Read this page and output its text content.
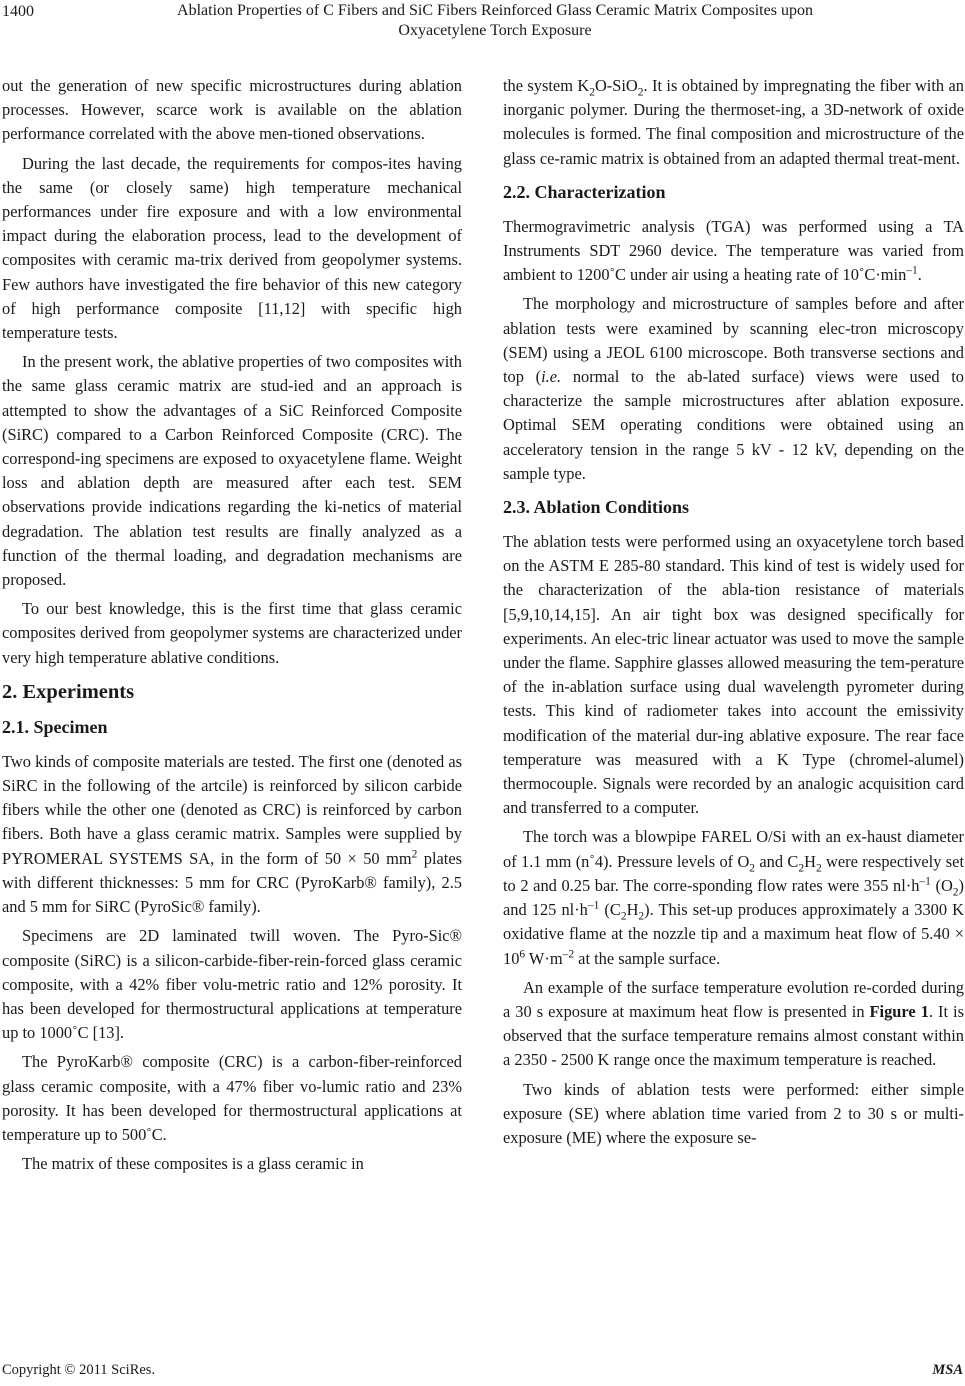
1400	Ablation Properties of C Fibers and SiC Fibers Reinforced Glass Ceramic Matrix Composites upon
Oxyacetylene Torch Exposure

out the generation of new specific microstructures during ablation processes. However, scarce work is available on the ablation performance correlated with the above men-tioned observations.

During the last decade, the requirements for compos-ites having the same (or closely same) high temperature mechanical performances under fire exposure and with a low environmental impact during the elaboration process, lead to the development of composites with ceramic ma-trix derived from geopolymer systems. Few authors have investigated the fire behavior of this new category of high performance composite [11,12] with specific high temperature tests.

In the present work, the ablative properties of two composites with the same glass ceramic matrix are stud-ied and an approach is attempted to show the advantages of a SiC Reinforced Composite (SiRC) compared to a Carbon Reinforced Composite (CRC). The correspond-ing specimens are exposed to oxyacetylene flame. Weight loss and ablation depth are measured after each test. SEM observations provide indications regarding the ki-netics of material degradation. The ablation test results are finally analyzed as a function of the thermal loading, and degradation mechanisms are proposed.

To our best knowledge, this is the first time that glass ceramic composites derived from geopolymer systems are characterized under very high temperature ablative conditions.

2. Experiments
2.1. Specimen

Two kinds of composite materials are tested. The first one (denoted as SiRC in the following of the artcile) is reinforced by silicon carbide fibers while the other one (denoted as CRC) is reinforced by carbon fibers. Both have a glass ceramic matrix. Samples were supplied by PYROMERAL SYSTEMS SA, in the form of 50 × 50 $mm^2$ plates with different thicknesses: 5 mm for CRC (PyroKarb® family), 2.5 and 5 mm for SiRC (PyroSic® family).

Specimens are 2D laminated twill woven. The Pyro-Sic® composite (SiRC) is a silicon-carbide-fiber-rein-forced glass ceramic composite, with a 42% fiber volu-metric ratio and 12% porosity. It has been developed for thermostructural applications at temperature up to 1000˚C [13].

The PyroKarb® composite (CRC) is a carbon-fiber-reinforced glass ceramic composite, with a 47% fiber vo-lumic ratio and 23% porosity. It has been developed for thermostructural applications at temperature up to 500˚C.

The matrix of these composites is a glass ceramic in

the system $K_2O-SiO_2$. It is obtained by impregnating the fiber with an inorganic polymer. During the thermoset-ing, a 3D-network of oxide molecules is formed. The final composition and microstructure of the glass ce-ramic matrix is obtained from an adapted thermal treat-ment.

2.2. Characterization

Thermogravimetric analysis (TGA) was performed using a TA Instruments SDT 2960 device. The temperature was varied from ambient to 1200˚C under air using a heating rate of $10˚C\cdot\min^{-1}$.

The morphology and microstructure of samples before and after ablation tests were examined by scanning elec-tron microscopy (SEM) using a JEOL 6100 microscope. Both transverse sections and top (i.e. normal to the ab-lated surface) views were used to characterize the sample microstructures after ablation exposure. Optimal SEM operating conditions were obtained using an acceleratory tension in the range 5 kV - 12 kV, depending on the sample type.

2.3. Ablation Conditions

The ablation tests were performed using an oxyacetylene torch based on the ASTM E 285-80 standard. This kind of test is widely used for the characterization of the abla-tion resistance of materials [5,9,10,14,15]. An air tight box was designed specifically for experiments. An elec-tric linear actuator was used to move the sample under the flame. Sapphire glasses allowed measuring the tem-perature of the in-ablation surface using dual wavelength pyrometer during tests. This kind of radiometer takes into account the emissivity modification of the material dur-ing ablative exposure. The rear face temperature was measured with a K Type (chromel-alumel) thermocouple. Signals were recorded by an analogic acquisition card and transferred to a computer.

The torch was a blowpipe FAREL O/Si with an ex-haust diameter of 1.1 mm (n˚4). Pressure levels of $O_2$ and $C_2H_2$ were respectively set to 2 and 0.25 bar. The corre-sponding flow rates were 355 $nl\cdot h^{-1}$ $(O_2)$ and 125 $nl\cdot h^{-1}$ $(C_2H_2)$. This set-up produces approximately a 3300 K oxidative flame at the nozzle tip and a maximum heat flow of $5.40 \times 10^6$ $W\cdot m^{-2}$ at the sample surface.

An example of the surface temperature evolution re-corded during a 30 s exposure at maximum heat flow is presented in Figure 1. It is observed that the surface temperature remains almost constant within a 2350 - 2500 K range once the maximum temperature is reached.

Two kinds of ablation tests were performed: either simple exposure (SE) where ablation time varied from 2 to 30 s or multi-exposure (ME) where the exposure se-

Copyright © 2011 SciRes.	MSA
